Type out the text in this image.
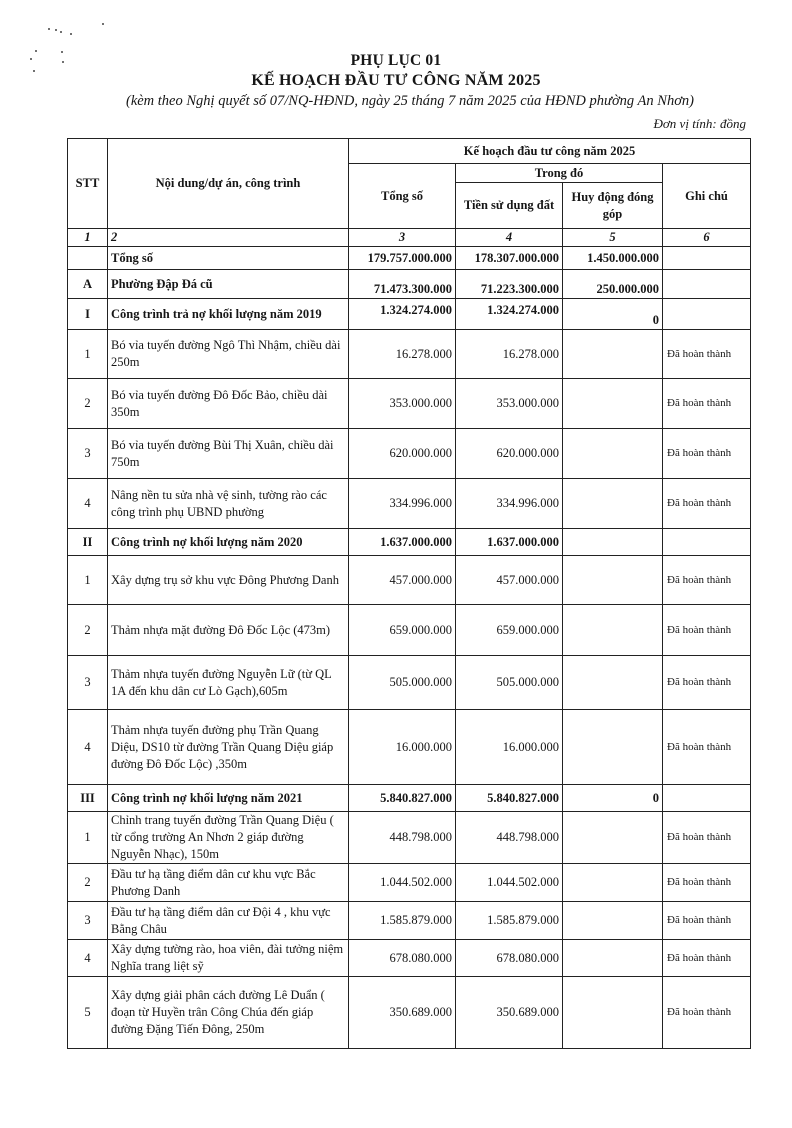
PHỤ LỤC 01
KẾ HOẠCH ĐẦU TƯ CÔNG NĂM 2025
(kèm theo Nghị quyết số 07/NQ-HĐND, ngày 25 tháng 7 năm 2025 của HĐND phường An Nhơn)
Đơn vị tính: đồng
STT	Nội dung/dự án, công trình	Kế hoạch đầu tư công năm 2025			
		Tổng số	Trong đó		Ghi chú
			Tiền sử dụng đất	Huy động đóng góp	
1	2	3	4	5	6
	Tổng số	179.757.000.000	178.307.000.000	1.450.000.000	
A	Phường Đập Đá cũ	71.473.300.000	71.223.300.000	250.000.000	
I	Công trình trả nợ khối lượng năm 2019	1.324.274.000	1.324.274.000	0	
1	Bó vỉa tuyến đường Ngô Thì Nhậm, chiều dài 250m	16.278.000	16.278.000		Đã hoàn thành
2	Bó vỉa tuyến đường Đô Đốc Bảo, chiều dài 350m	353.000.000	353.000.000		Đã hoàn thành
3	Bó vỉa tuyến đường Bùi Thị Xuân, chiều dài 750m	620.000.000	620.000.000		Đã hoàn thành
4	Nâng nền tu sửa nhà vệ sinh, tường rào các công trình phụ UBND phường	334.996.000	334.996.000		Đã hoàn thành
II	Công trình nợ khối lượng năm 2020	1.637.000.000	1.637.000.000		
1	Xây dựng trụ sở khu vực Đông Phương Danh	457.000.000	457.000.000		Đã hoàn thành
2	Thảm nhựa mặt đường Đô Đốc Lộc (473m)	659.000.000	659.000.000		Đã hoàn thành
3	Thảm nhựa tuyến đường Nguyễn Lữ (từ QL 1A đến khu dân cư Lò Gạch),605m	505.000.000	505.000.000		Đã hoàn thành
4	Thảm nhựa tuyến đường phụ Trần Quang Diệu, DS10 từ đường Trần Quang Diệu giáp đường Đô Đốc Lộc) ,350m	16.000.000	16.000.000		Đã hoàn thành
III	Công trình nợ khối lượng năm 2021	5.840.827.000	5.840.827.000	0	
1	Chỉnh trang tuyến đường Trần Quang Diệu ( từ cổng trường An Nhơn 2 giáp đường Nguyễn Nhạc), 150m	448.798.000	448.798.000		Đã hoàn thành
2	Đầu tư hạ tầng điểm dân cư khu vực Bắc Phương Danh	1.044.502.000	1.044.502.000		Đã hoàn thành
3	Đầu tư hạ tầng điểm dân cư Đội 4 , khu vực Bằng Châu	1.585.879.000	1.585.879.000		Đã hoàn thành
4	Xây dựng tường rào, hoa viên, đài tưởng niệm Nghĩa trang liệt sỹ	678.080.000	678.080.000		Đã hoàn thành
5	Xây dựng giải phân cách đường Lê Duẩn ( đoạn từ Huyền trân Công Chúa đến giáp đường Đặng Tiến Đông, 250m	350.689.000	350.689.000		Đã hoàn thành
